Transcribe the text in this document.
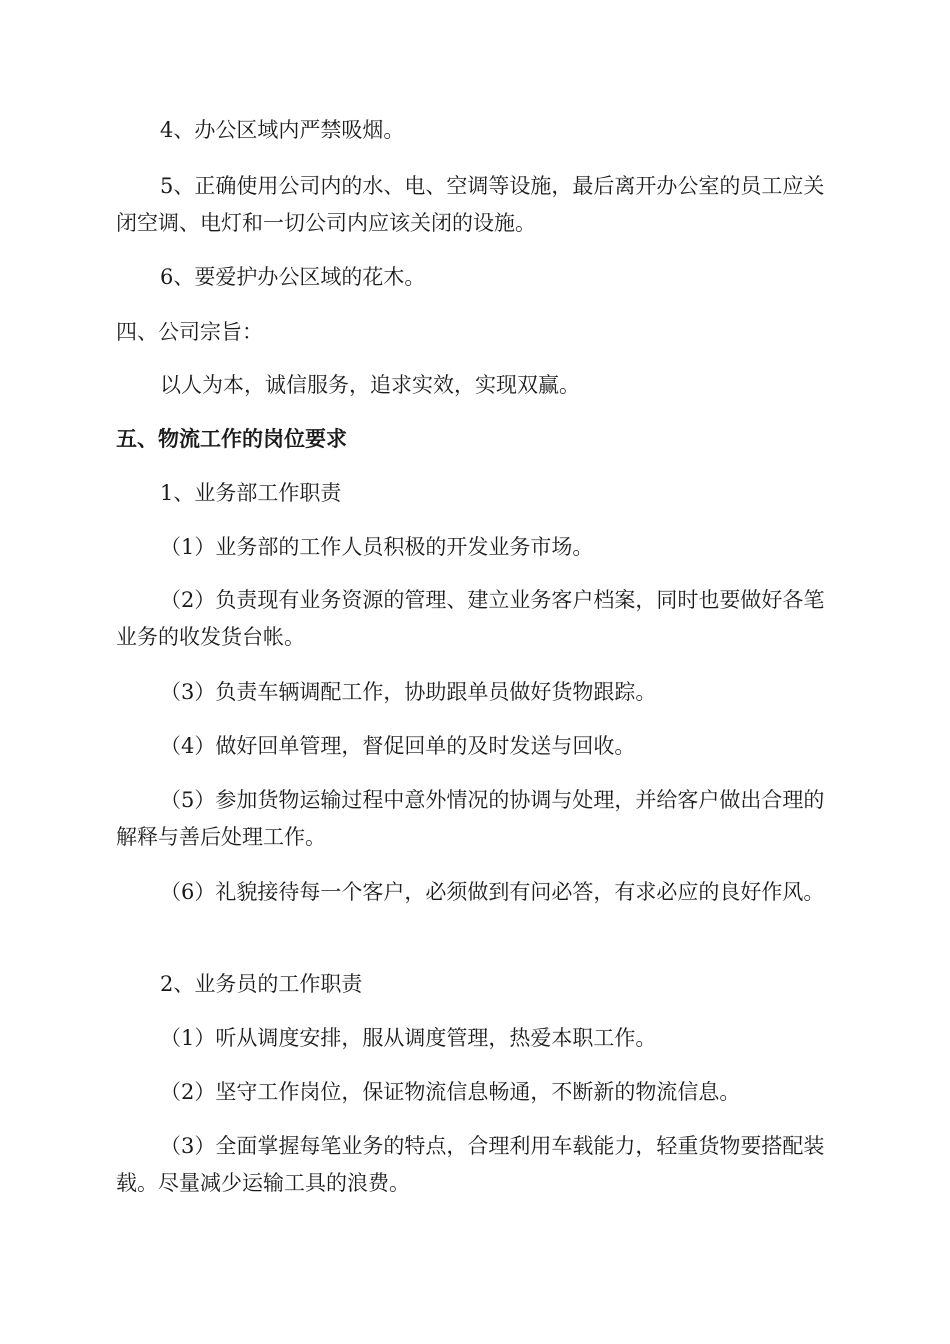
4、办公区域内严禁吸烟。

5、正确使用公司内的水、电、空调等设施，最后离开办公室的员工应关闭空调、电灯和一切公司内应该关闭的设施。

6、要爱护办公区域的花木。

四、公司宗旨：

以人为本，诚信服务，追求实效，实现双赢。

五、物流工作的岗位要求

1、业务部工作职责

（1）业务部的工作人员积极的开发业务市场。

（2）负责现有业务资源的管理、建立业务客户档案，同时也要做好各笔业务的收发货台帐。

（3）负责车辆调配工作，协助跟单员做好货物跟踪。

（4）做好回单管理，督促回单的及时发送与回收。

（5）参加货物运输过程中意外情况的协调与处理，并给客户做出合理的解释与善后处理工作。

（6）礼貌接待每一个客户，必须做到有问必答，有求必应的良好作风。

2、业务员的工作职责

（1）听从调度安排，服从调度管理，热爱本职工作。

（2）坚守工作岗位，保证物流信息畅通，不断新的物流信息。

（3）全面掌握每笔业务的特点，合理利用车载能力，轻重货物要搭配装载。尽量减少运输工具的浪费。
